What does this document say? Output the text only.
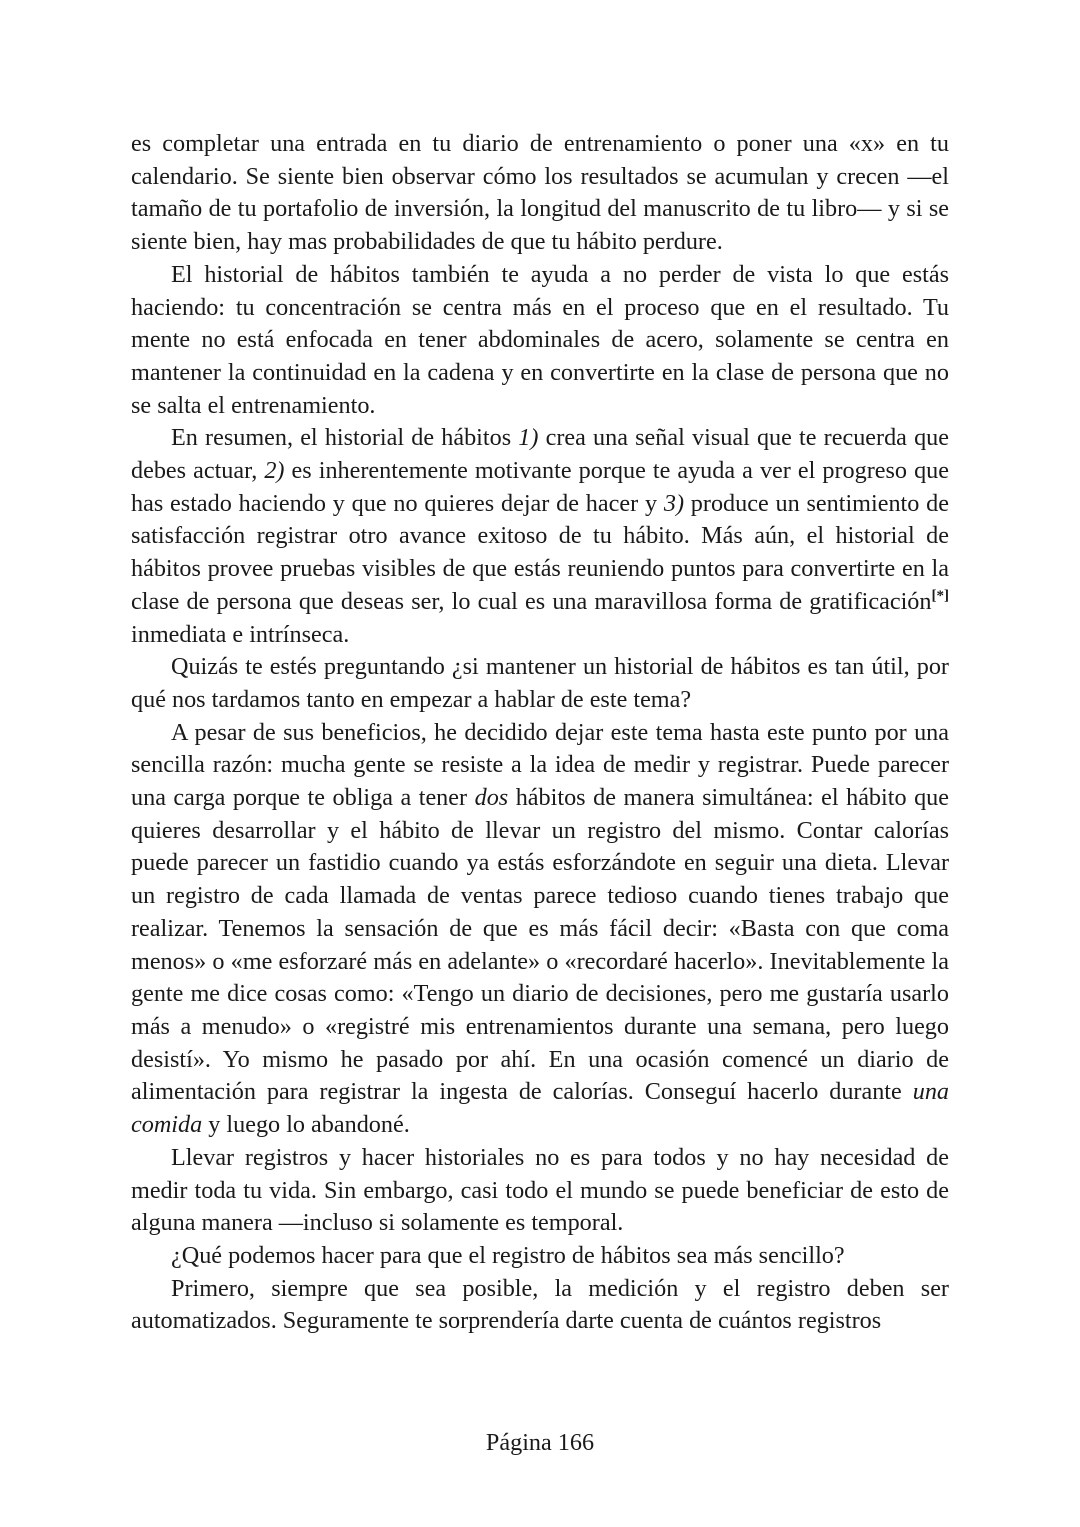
es completar una entrada en tu diario de entrenamiento o poner una «x» en tu calendario. Se siente bien observar cómo los resultados se acumulan y crecen —el tamaño de tu portafolio de inversión, la longitud del manuscrito de tu libro— y si se siente bien, hay mas probabilidades de que tu hábito perdure.

El historial de hábitos también te ayuda a no perder de vista lo que estás haciendo: tu concentración se centra más en el proceso que en el resultado. Tu mente no está enfocada en tener abdominales de acero, solamente se centra en mantener la continuidad en la cadena y en convertirte en la clase de persona que no se salta el entrenamiento.

En resumen, el historial de hábitos 1) crea una señal visual que te recuerda que debes actuar, 2) es inherentemente motivante porque te ayuda a ver el progreso que has estado haciendo y que no quieres dejar de hacer y 3) produce un sentimiento de satisfacción registrar otro avance exitoso de tu hábito. Más aún, el historial de hábitos provee pruebas visibles de que estás reuniendo puntos para convertirte en la clase de persona que deseas ser, lo cual es una maravillosa forma de gratificación[*] inmediata e intrínseca.

Quizás te estés preguntando ¿si mantener un historial de hábitos es tan útil, por qué nos tardamos tanto en empezar a hablar de este tema?

A pesar de sus beneficios, he decidido dejar este tema hasta este punto por una sencilla razón: mucha gente se resiste a la idea de medir y registrar. Puede parecer una carga porque te obliga a tener dos hábitos de manera simultánea: el hábito que quieres desarrollar y el hábito de llevar un registro del mismo. Contar calorías puede parecer un fastidio cuando ya estás esforzándote en seguir una dieta. Llevar un registro de cada llamada de ventas parece tedioso cuando tienes trabajo que realizar. Tenemos la sensación de que es más fácil decir: «Basta con que coma menos» o «me esforzaré más en adelante» o «recordaré hacerlo». Inevitablemente la gente me dice cosas como: «Tengo un diario de decisiones, pero me gustaría usarlo más a menudo» o «registré mis entrenamientos durante una semana, pero luego desistí». Yo mismo he pasado por ahí. En una ocasión comencé un diario de alimentación para registrar la ingesta de calorías. Conseguí hacerlo durante una comida y luego lo abandoné.

Llevar registros y hacer historiales no es para todos y no hay necesidad de medir toda tu vida. Sin embargo, casi todo el mundo se puede beneficiar de esto de alguna manera —incluso si solamente es temporal.

¿Qué podemos hacer para que el registro de hábitos sea más sencillo?

Primero, siempre que sea posible, la medición y el registro deben ser automatizados. Seguramente te sorprendería darte cuenta de cuántos registros

Página 166
